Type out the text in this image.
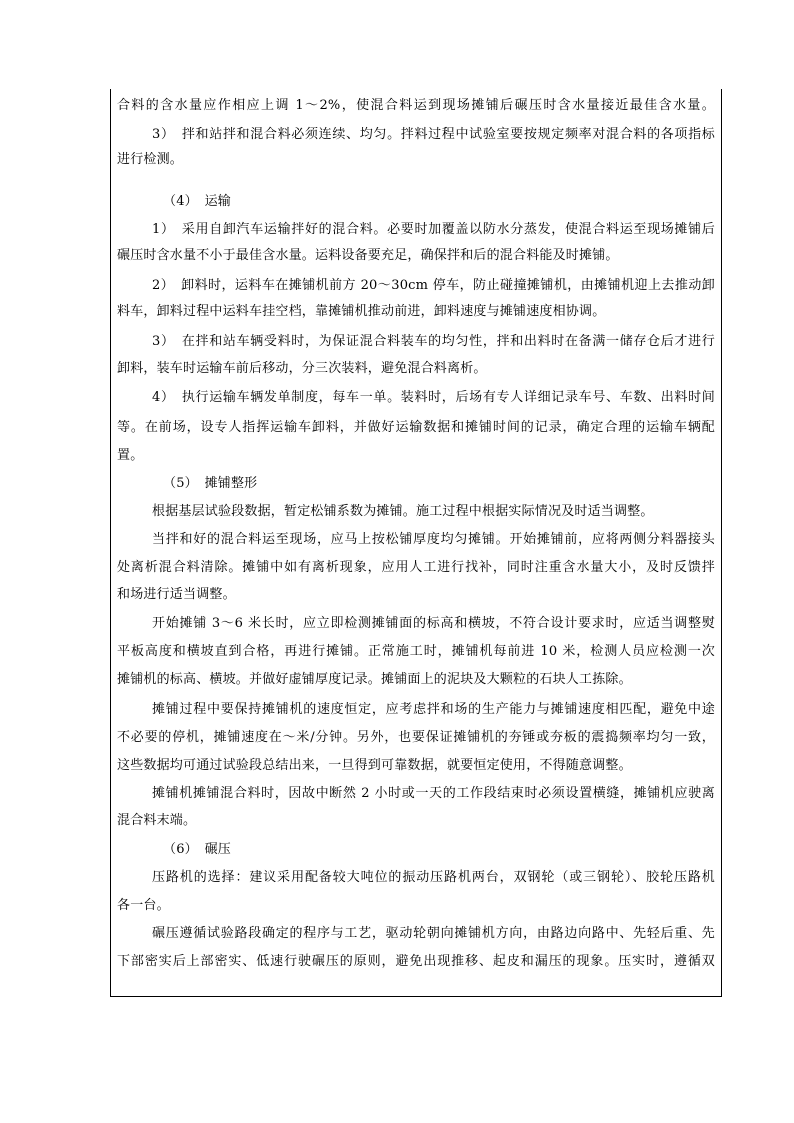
合料的含水量应作相应上调 1～2%，使混合料运到现场摊铺后碾压时含水量接近最佳含水量。
3）　拌和站拌和混合料必须连续、均匀。拌料过程中试验室要按规定频率对混合料的各项指标
进行检测。
（4）　运输
1）　采用自卸汽车运输拌好的混合料。必要时加覆盖以防水分蒸发，使混合料运至现场摊铺后
碾压时含水量不小于最佳含水量。运料设备要充足，确保拌和后的混合料能及时摊铺。
2）　卸料时，运料车在摊铺机前方 20～30cm 停车，防止碰撞摊铺机，由摊铺机迎上去推动卸
料车，卸料过程中运料车挂空档，靠摊铺机推动前进，卸料速度与摊铺速度相协调。
3）　在拌和站车辆受料时，为保证混合料装车的均匀性，拌和出料时在备满一储存仓后才进行
卸料，装车时运输车前后移动，分三次装料，避免混合料离析。
4）　执行运输车辆发单制度，每车一单。装料时，后场有专人详细记录车号、车数、出料时间
等。在前场，设专人指挥运输车卸料，并做好运输数据和摊铺时间的记录，确定合理的运输车辆配
置。
（5）　摊铺整形
根据基层试验段数据，暂定松铺系数为摊铺。施工过程中根据实际情况及时适当调整。
当拌和好的混合料运至现场，应马上按松铺厚度均匀摊铺。开始摊铺前，应将两侧分料器接头
处离析混合料清除。摊铺中如有离析现象，应用人工进行找补，同时注重含水量大小，及时反馈拌
和场进行适当调整。
开始摊铺 3～6 米长时，应立即检测摊铺面的标高和横坡，不符合设计要求时，应适当调整熨
平板高度和横坡直到合格，再进行摊铺。正常施工时，摊铺机每前进 10 米，检测人员应检测一次
摊铺机的标高、横坡。并做好虚铺厚度记录。摊铺面上的泥块及大颗粒的石块人工拣除。
摊铺过程中要保持摊铺机的速度恒定，应考虑拌和场的生产能力与摊铺速度相匹配，避免中途
不必要的停机，摊铺速度在～米/分钟。另外，也要保证摊铺机的夯锤或夯板的震捣频率均匀一致，
这些数据均可通过试验段总结出来，一旦得到可靠数据，就要恒定使用，不得随意调整。
摊铺机摊铺混合料时，因故中断然 2 小时或一天的工作段结束时必须设置横缝，摊铺机应驶离
混合料末端。
（6）　碾压
压路机的选择：建议采用配备较大吨位的振动压路机两台，双钢轮（或三钢轮）、胶轮压路机
各一台。
碾压遵循试验路段确定的程序与工艺，驱动轮朝向摊铺机方向，由路边向路中、先轻后重、先
下部密实后上部密实、低速行驶碾压的原则，避免出现推移、起皮和漏压的现象。压实时，遵循双
